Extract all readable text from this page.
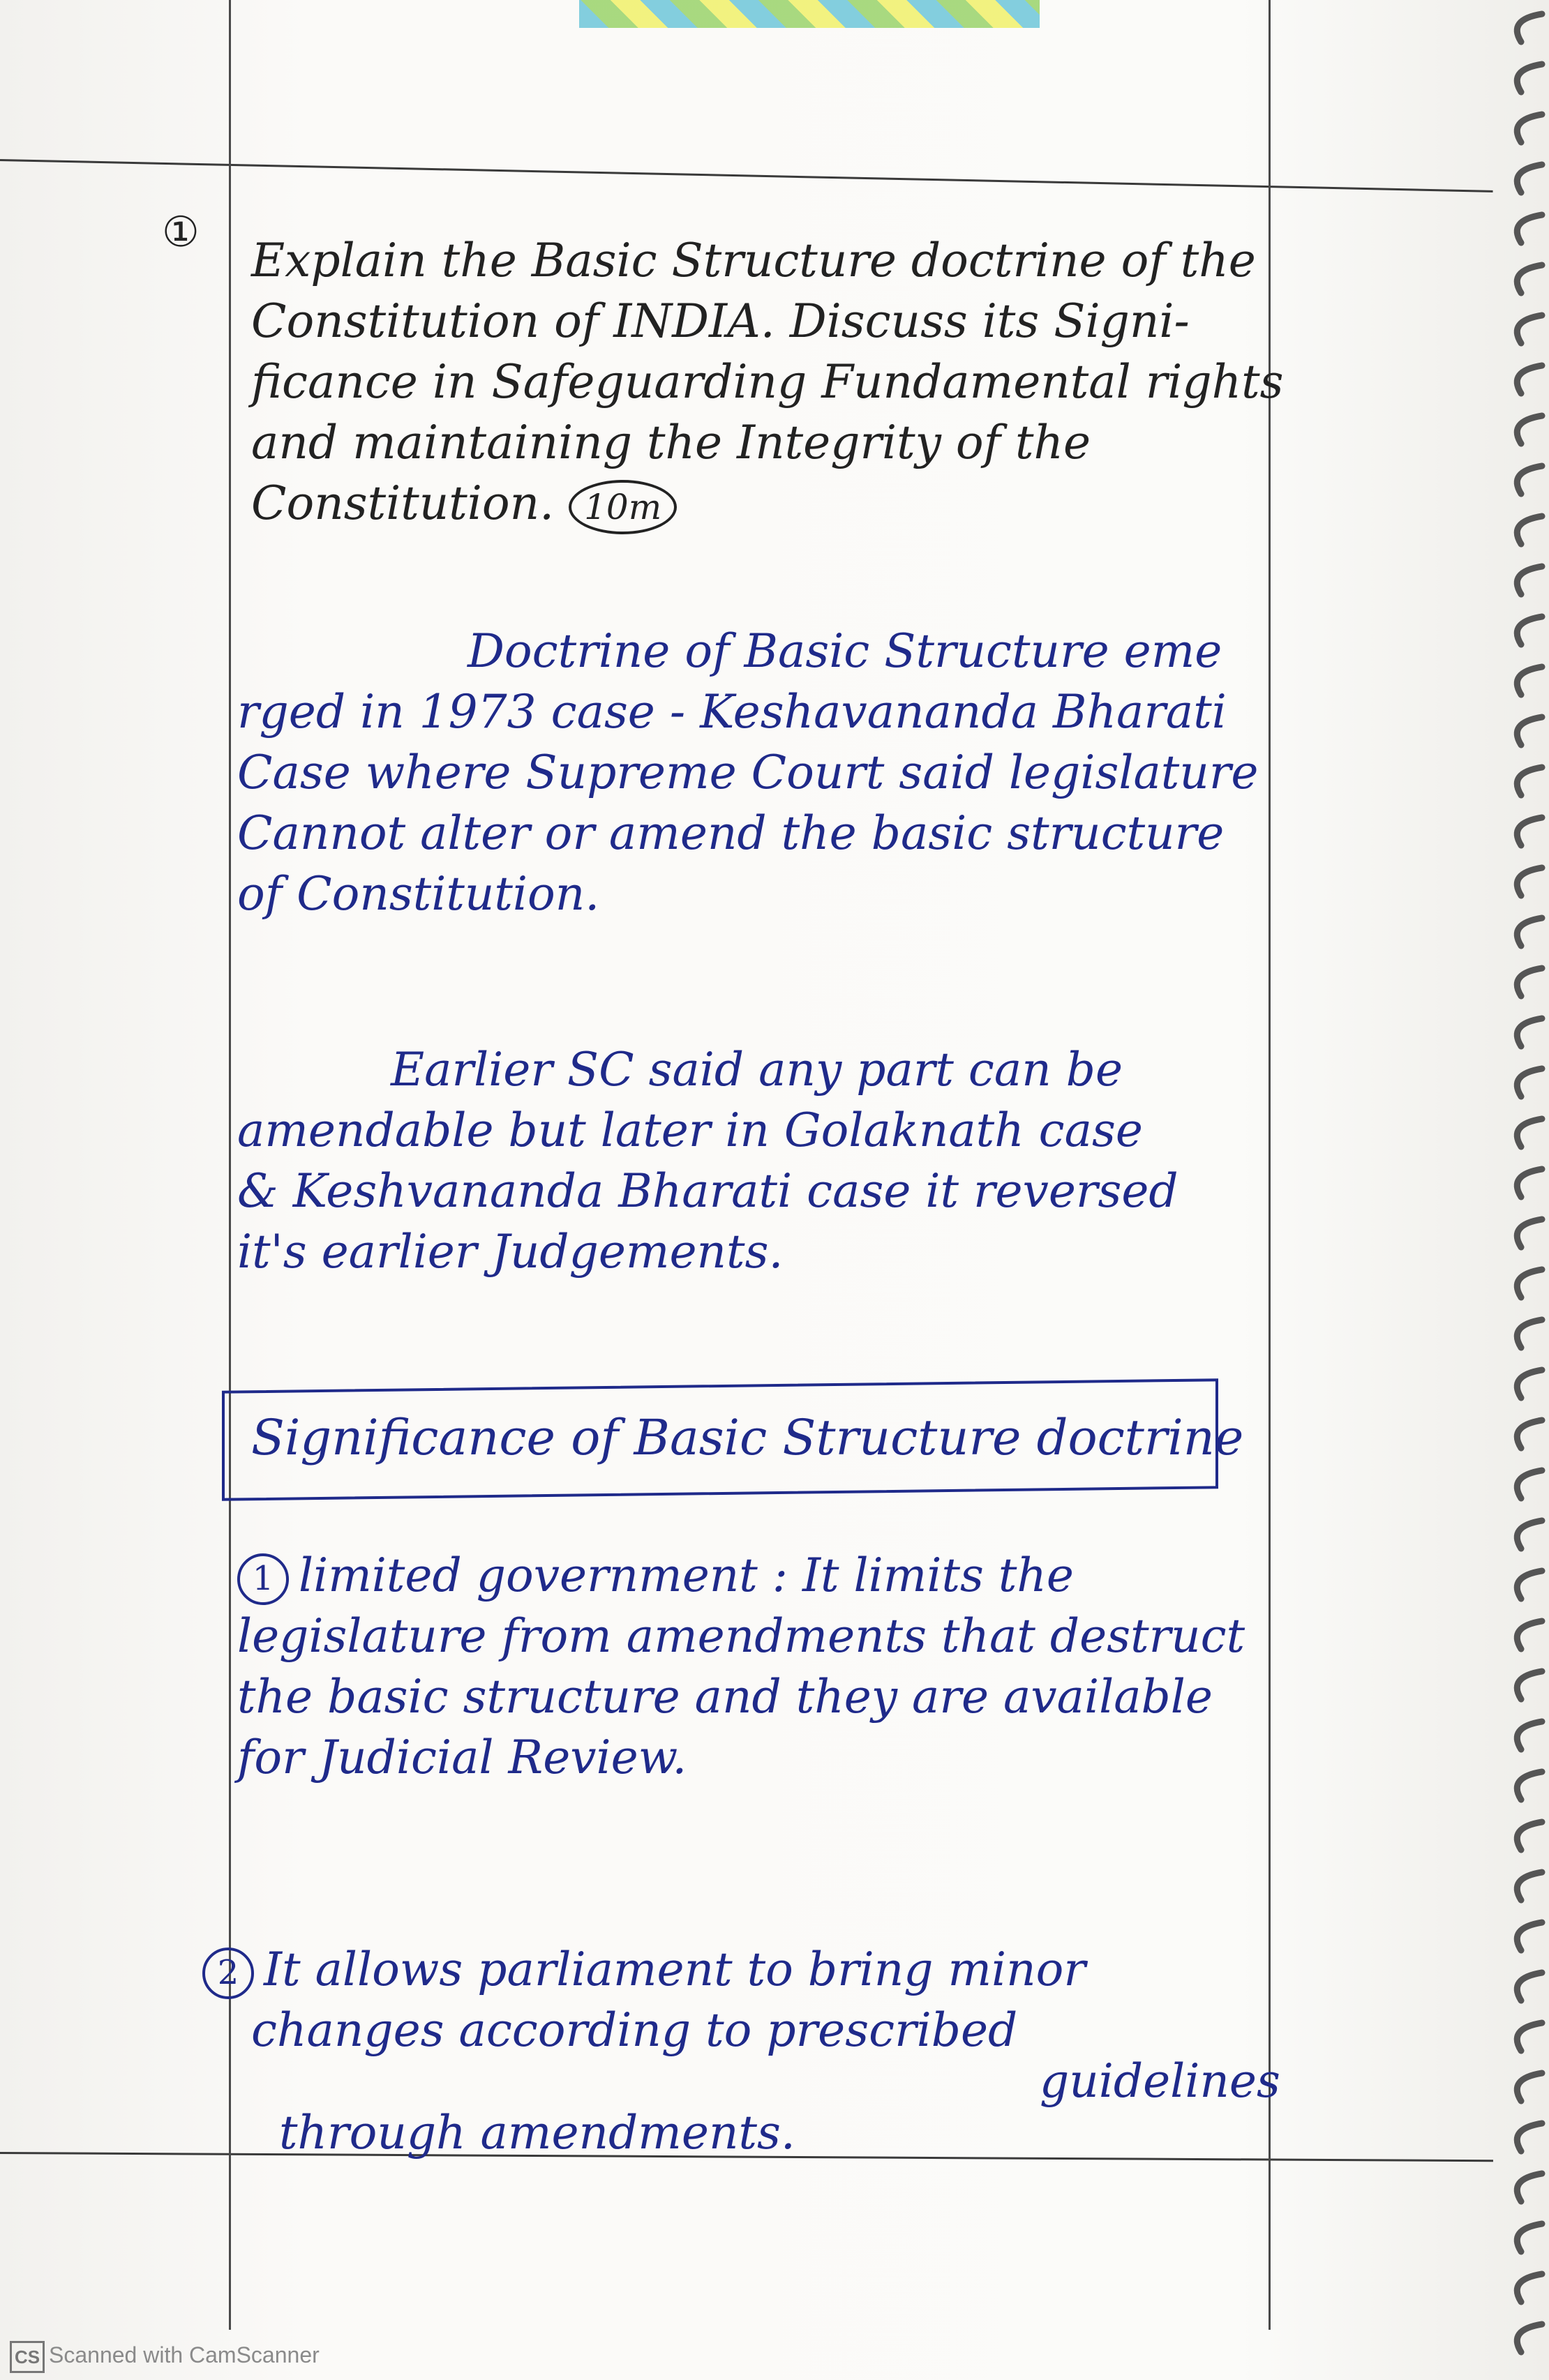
①
Explain the Basic Structure doctrine of the
Constitution of INDIA. Discuss its Signi-
ficance in Safeguarding Fundamental rights
and maintaining the Integrity of the
Constitution. 10m
Doctrine of Basic Structure eme
rged in 1973 case - Keshavananda Bharati
Case where Supreme Court said legislature
Cannot alter or amend the basic structure
of Constitution.
Earlier SC said any part can be
amendable but later in Golaknath case
& Keshvananda Bharati case it reversed
it's earlier Judgements.
Significance of Basic Structure doctrine
1 limited government : It limits the
legislature from amendments that destruct
the basic structure and they are available
for Judicial Review.
2 It allows parliament to bring minor
changes according to prescribed
guidelines
through amendments.
CS Scanned with CamScanner
